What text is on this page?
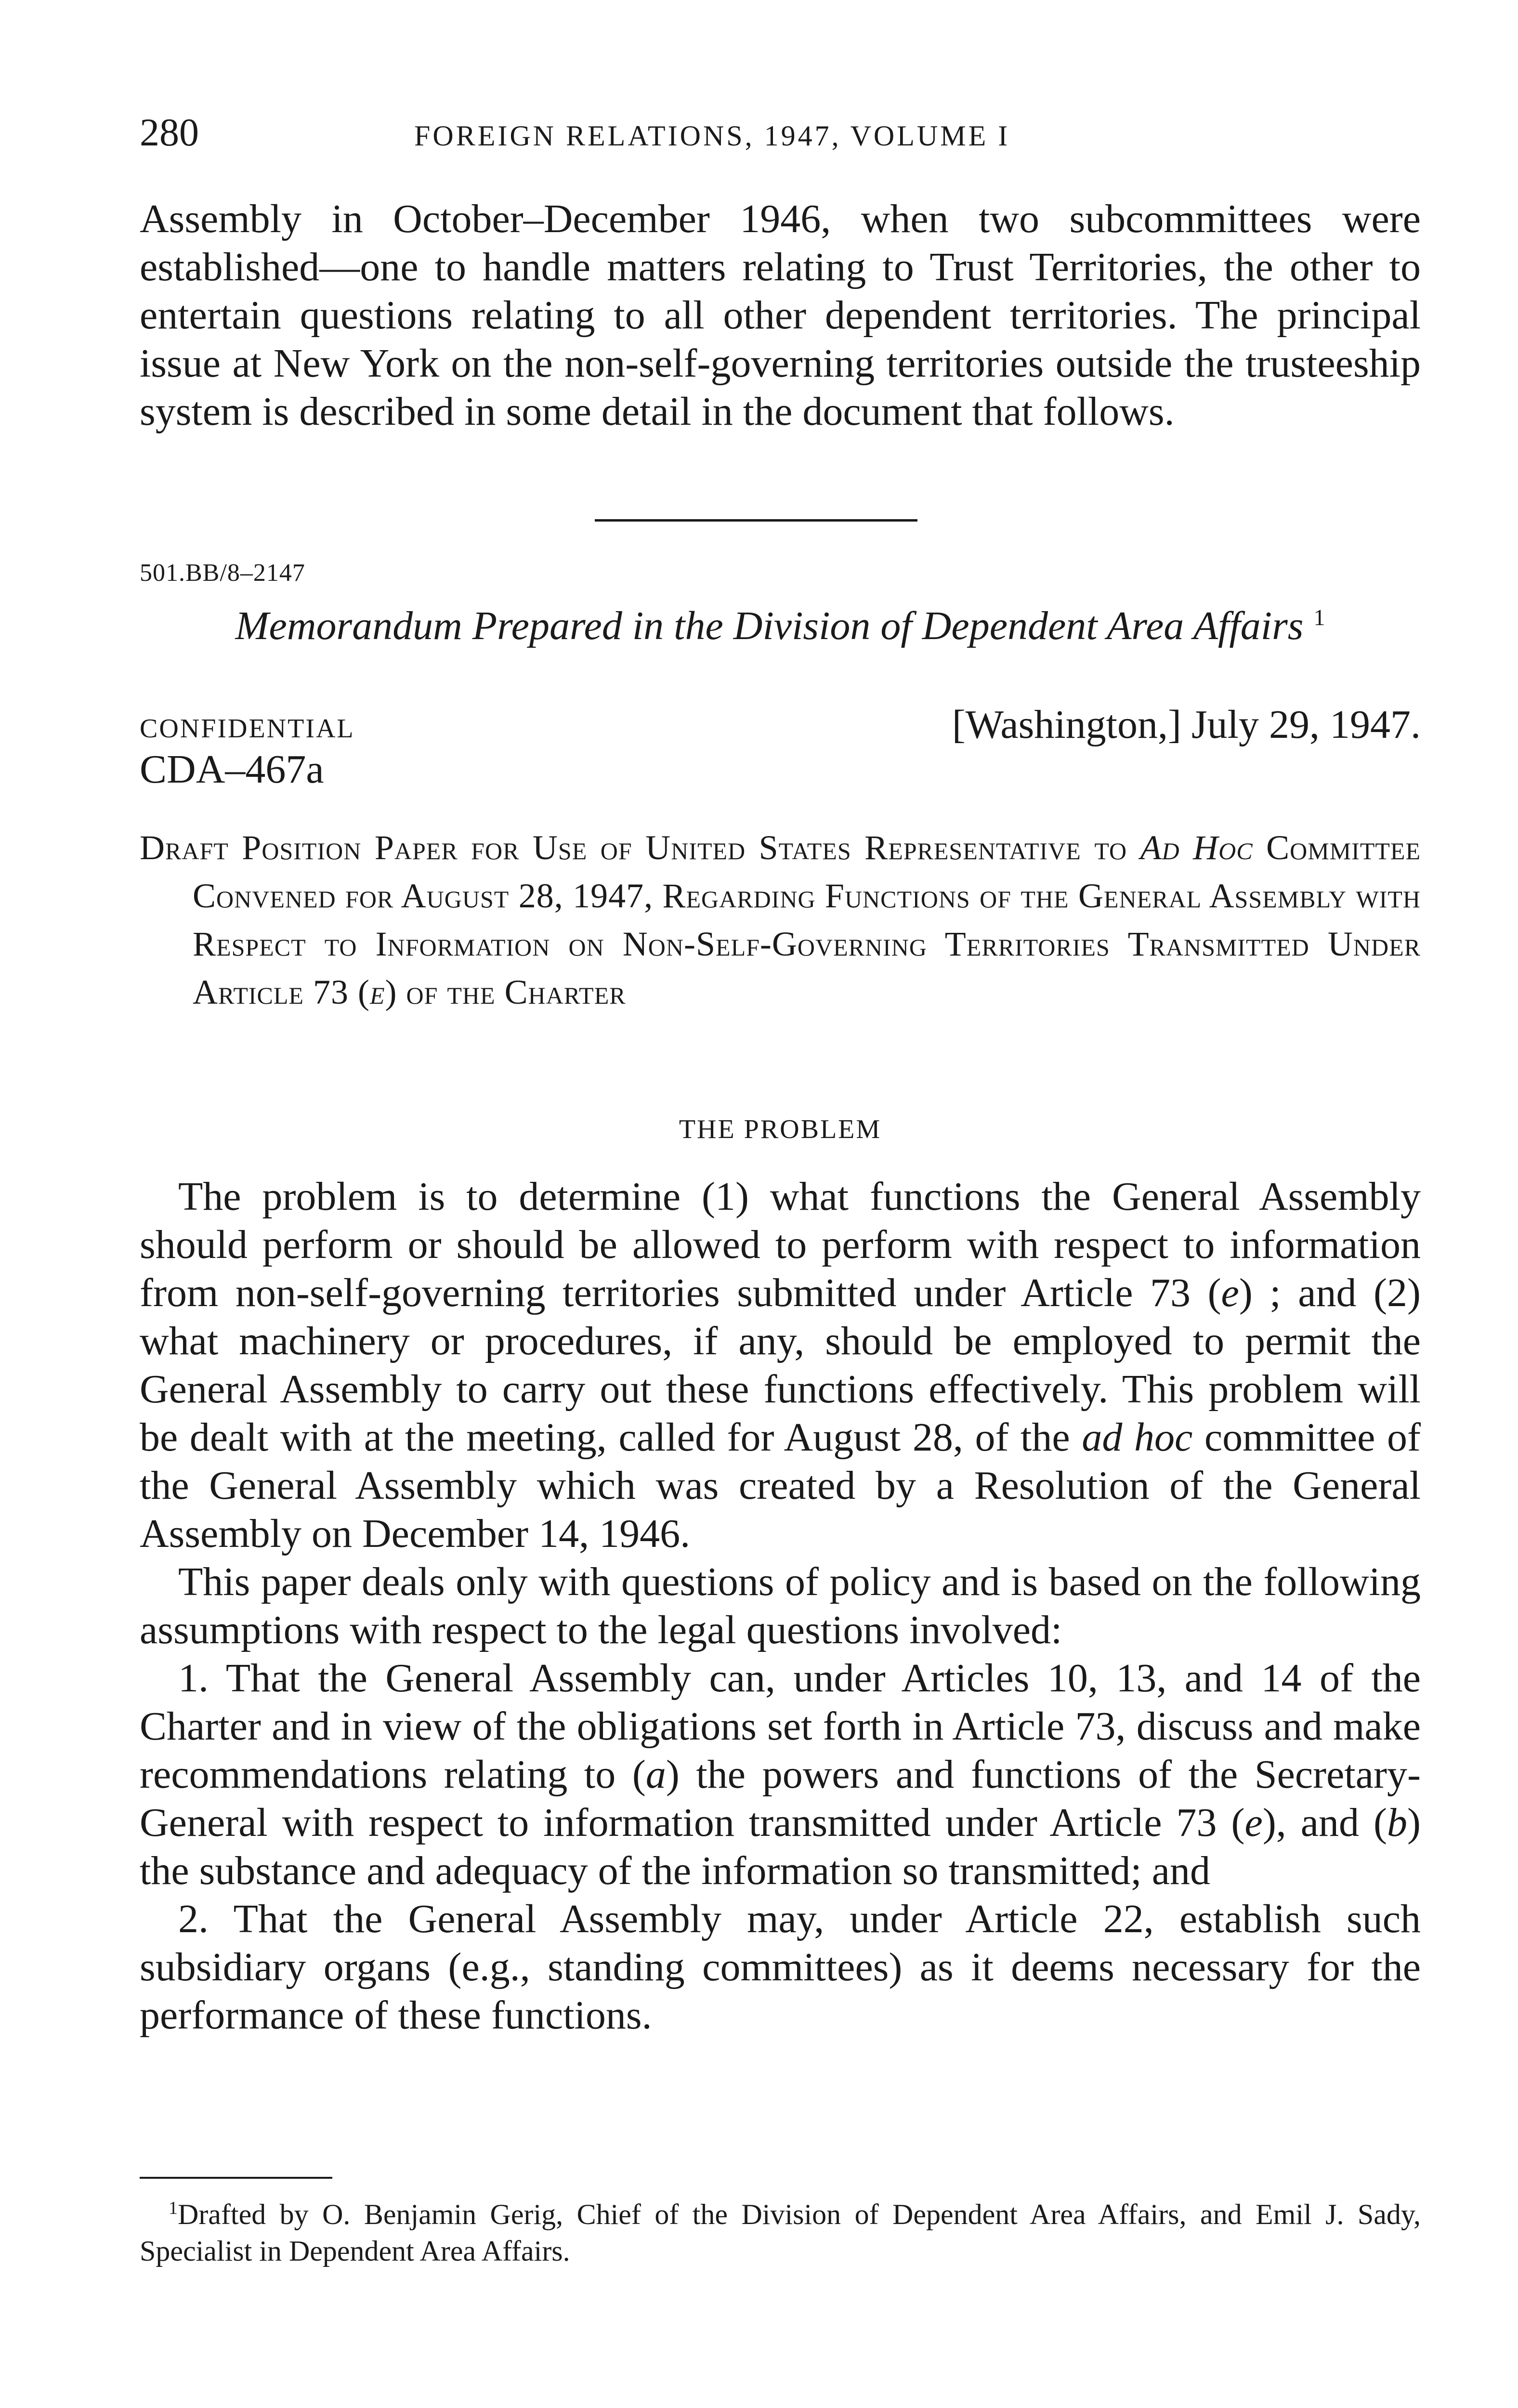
280	FOREIGN RELATIONS, 1947, VOLUME I

Assembly in October–December 1946, when two subcommittees were established—one to handle matters relating to Trust Territories, the other to entertain questions relating to all other dependent territories. The principal issue at New York on the non-self-governing territories outside the trusteeship system is described in some detail in the document that follows.

501.BB/8–2147
Memorandum Prepared in the Division of Dependent Area Affairs $^1$
CONFIDENTIAL
CDA–467a
[Washington,] July 29, 1947.
Draft Position Paper for Use of United States Representative to Ad Hoc Committee Convened for August 28, 1947, Regarding Functions of the General Assembly with Respect to Information on Non-Self-Governing Territories Transmitted Under Article 73 (e) of the Charter
THE PROBLEM

The problem is to determine (1) what functions the General Assembly should perform or should be allowed to perform with respect to information from non-self-governing territories submitted under Article 73 (e) ; and (2) what machinery or procedures, if any, should be employed to permit the General Assembly to carry out these functions effectively. This problem will be dealt with at the meeting, called for August 28, of the ad hoc committee of the General Assembly which was created by a Resolution of the General Assembly on December 14, 1946.

This paper deals only with questions of policy and is based on the following assumptions with respect to the legal questions involved:

1. That the General Assembly can, under Articles 10, 13, and 14 of the Charter and in view of the obligations set forth in Article 73, discuss and make recommendations relating to (a) the powers and functions of the Secretary-General with respect to information transmitted under Article 73 (e), and (b) the substance and adequacy of the information so transmitted; and

2. That the General Assembly may, under Article 22, establish such subsidiary organs (e.g., standing committees) as it deems necessary for the performance of these functions.

$^1$Drafted by O. Benjamin Gerig, Chief of the Division of Dependent Area Affairs, and Emil J. Sady, Specialist in Dependent Area Affairs.
